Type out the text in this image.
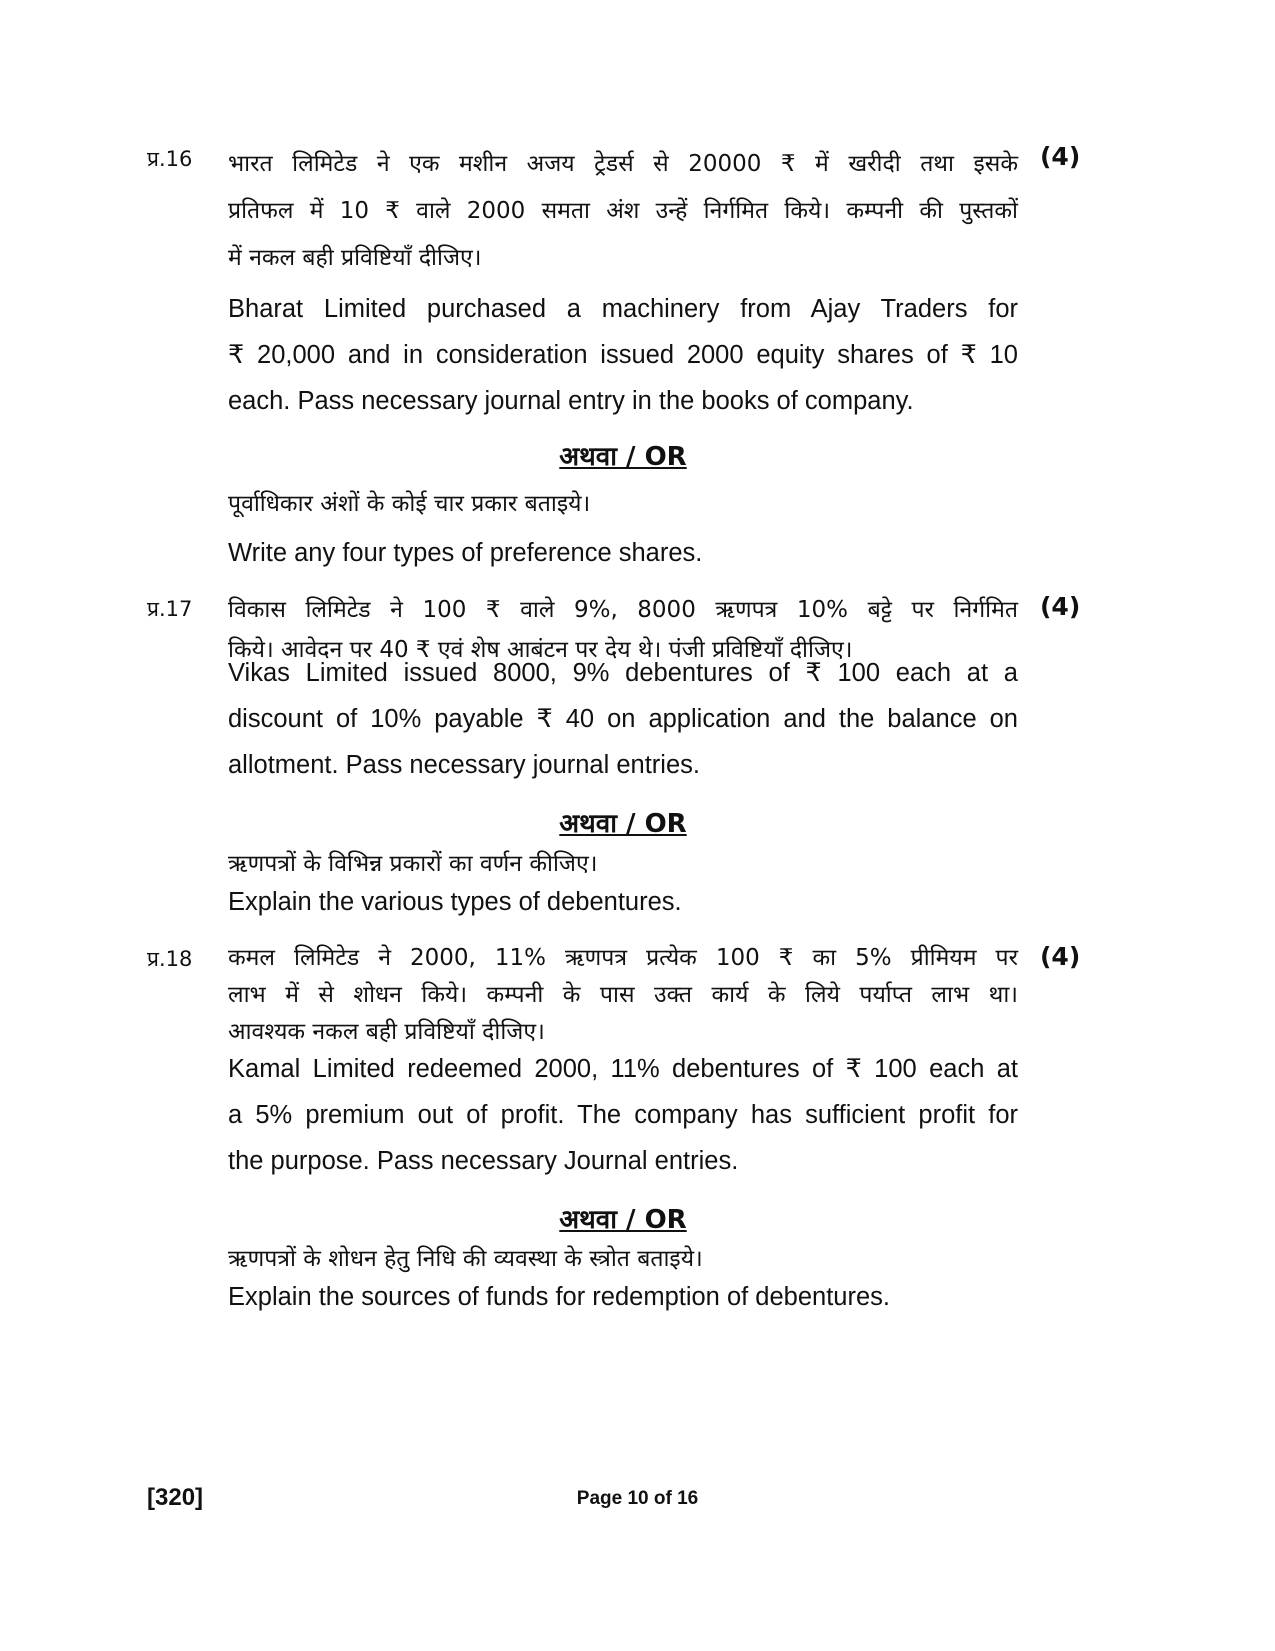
प्र.16	(4)
भारत लिमिटेड ने एक मशीन अजय ट्रेडर्स से 20000 ₹ में खरीदी तथा इसके
प्रतिफल में 10 ₹ वाले 2000 समता अंश उन्हें निर्गमित किये। कम्पनी की पुस्तकों
में नकल बही प्रविष्टियाँ दीजिए।
Bharat Limited purchased a machinery from Ajay Traders for
₹ 20,000 and in consideration issued 2000 equity shares of ₹ 10
each. Pass necessary journal entry in the books of company.
अथवा / OR
पूर्वाधिकार अंशों के कोई चार प्रकार बताइये।
Write any four types of preference shares.
प्र.17	(4)
विकास लिमिटेड ने 100 ₹ वाले 9%, 8000 ऋणपत्र 10% बट्टे पर निर्गमित
किये। आवेदन पर 40 ₹ एवं शेष आबंटन पर देय थे। पंजी प्रविष्टियाँ दीजिए।
Vikas Limited issued 8000, 9% debentures of ₹ 100 each at a
discount of 10% payable ₹ 40 on application and the balance on
allotment. Pass necessary journal entries.
अथवा / OR
ऋणपत्रों के विभिन्न प्रकारों का वर्णन कीजिए।
Explain the various types of debentures.
प्र.18	(4)
कमल लिमिटेड ने 2000, 11% ऋणपत्र प्रत्येक 100 ₹ का 5% प्रीमियम पर
लाभ में से शोधन किये। कम्पनी के पास उक्त कार्य के लिये पर्याप्त लाभ था।
आवश्यक नकल बही प्रविष्टियाँ दीजिए।
Kamal Limited redeemed 2000, 11% debentures of ₹ 100 each at
a 5% premium out of profit. The company has sufficient profit for
the purpose. Pass necessary Journal entries.
अथवा / OR
ऋणपत्रों के शोधन हेतु निधि की व्यवस्था के स्त्रोत बताइये।
Explain the sources of funds for redemption of debentures.
[320]	Page 10 of 16
